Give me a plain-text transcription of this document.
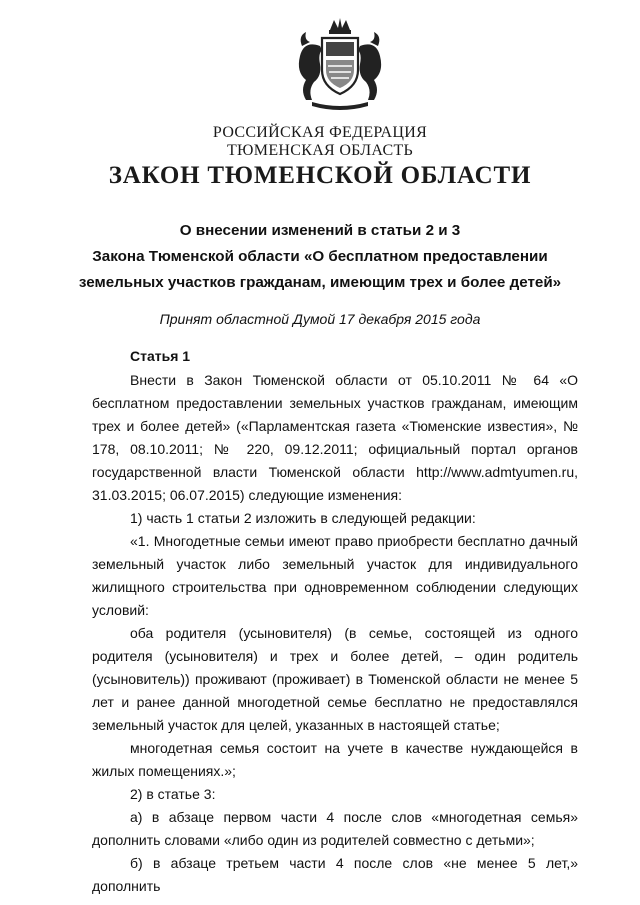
РОССИЙСКАЯ ФЕДЕРАЦИЯ
ТЮМЕНСКАЯ ОБЛАСТЬ
ЗАКОН ТЮМЕНСКОЙ ОБЛАСТИ
О внесении изменений в статьи 2 и 3
Закона Тюменской области «О бесплатном предоставлении
земельных участков гражданам, имеющим трех и более детей»
Принят областной Думой 17 декабря 2015 года
Статья 1

Внести в Закон Тюменской области от 05.10.2011 № 64 «О бесплатном предоставлении земельных участков гражданам, имеющим трех и более детей» («Парламентская газета «Тюменские известия», № 178, 08.10.2011; № 220, 09.12.2011; официальный портал органов государственной власти Тюменской области http://www.admtyumen.ru, 31.03.2015; 06.07.2015) следующие изменения:

1) часть 1 статьи 2 изложить в следующей редакции:

«1. Многодетные семьи имеют право приобрести бесплатно дачный земельный участок либо земельный участок для индивидуального жилищного строительства при одновременном соблюдении следующих условий:

оба родителя (усыновителя) (в семье, состоящей из одного родителя (усыновителя) и трех и более детей, – один родитель (усыновитель)) проживают (проживает) в Тюменской области не менее 5 лет и ранее данной многодетной семье бесплатно не предоставлялся земельный участок для целей, указанных в настоящей статье;

многодетная семья состоит на учете в качестве нуждающейся в жилых помещениях.»;

2) в статье 3:

а) в абзаце первом части 4 после слов «многодетная семья» дополнить словами «либо один из родителей совместно с детьми»;

б) в абзаце третьем части 4 после слов «не менее 5 лет,» дополнить
